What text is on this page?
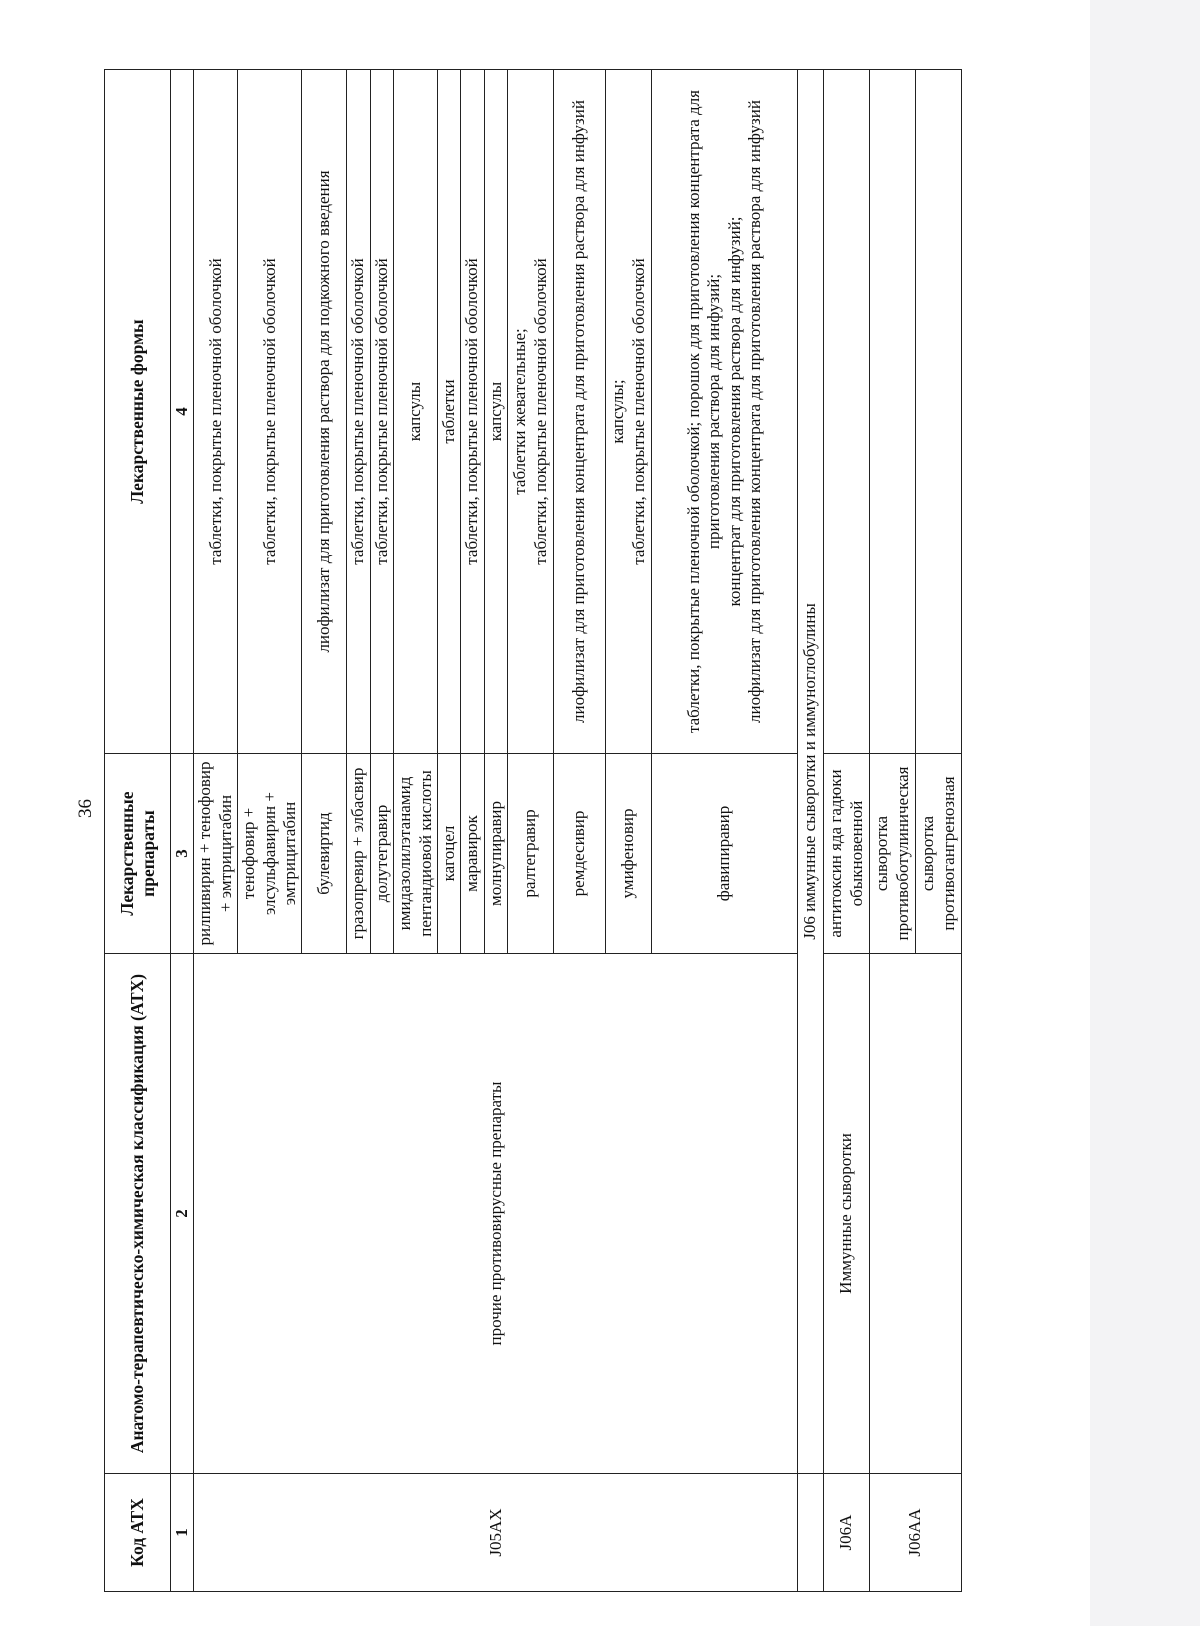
36
Код АТХ	Анатомо-терапевтическо-химическая классификация (АТХ)	Лекарственные препараты	Лекарственные формы
1	2	3	4
J05AX	прочие противовирусные препараты	рилпивирин + тенофовир + эмтрицитабин	таблетки, покрытые пленочной оболочкой
		тенофовир + элсульфавирин + эмтрицитабин	таблетки, покрытые пленочной оболочкой
		булевиртид	лиофилизат для приготовления раствора для подкожного введения
		гразопревир + элбасвир	таблетки, покрытые пленочной оболочкой
		долутегравир	таблетки, покрытые пленочной оболочкой
		имидазолилэтанамид пентандиовой кислоты	капсулы
		кагоцел	таблетки
		маравирок	таблетки, покрытые пленочной оболочкой
		молнупиравир	капсулы
		ралтегравир	таблетки жевательные; таблетки, покрытые пленочной оболочкой

		ремдесивир	лиофилизат для приготовления концентрата для приготовления раствора для инфузий
		умифеновир	капсулы; таблетки, покрытые пленочной оболочкой

		фавипиравир	таблетки, покрытые пленочной оболочкой; порошок для приготовления концентрата для приготовления раствора для инфузий; концентрат для приготовления раствора для инфузий; лиофилизат для приготовления концентрата для приготовления раствора для инфузий

	J06 иммунные сыворотки и иммуноглобулины		
J06A	Иммунные сыворотки	антитоксин яда гадюки обыкновенной	
J06AA		сыворотка противоботулиническая	
		сыворотка противогангренозная	
